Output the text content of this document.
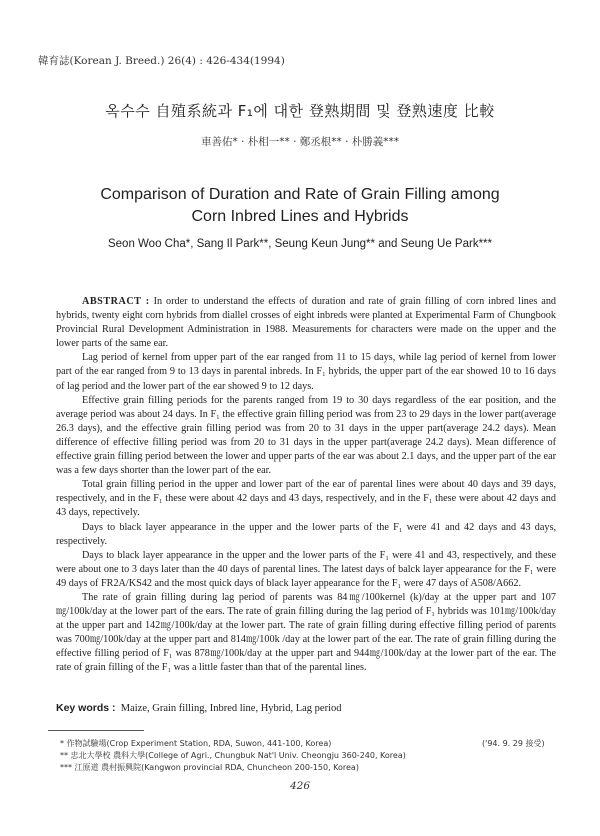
韓育誌(Korean J. Breed.) 26(4) : 426-434(1994)
옥수수 自殖系統과 F₁에 대한 登熟期間 및 登熟速度 比較
車善佑* · 朴相一** · 鄭丞根** · 朴勝義***
Comparison of Duration and Rate of Grain Filling among
Corn Inbred Lines and Hybrids
Seon Woo Cha*, Sang Il Park**, Seung Keun Jung** and Seung Ue Park***

ABSTRACT : In order to understand the effects of duration and rate of grain filling of corn inbred lines and hybrids, twenty eight corn hybrids from diallel crosses of eight inbreds were planted at Experimental Farm of Chungbook Provincial Rural Development Administration in 1988. Measurements for characters were made on the upper and the lower parts of the same ear.

Lag period of kernel from upper part of the ear ranged from 11 to 15 days, while lag period of kernel from lower part of the ear ranged from 9 to 13 days in parental inbreds. In F₁ hybrids, the upper part of the ear showed 10 to 16 days of lag period and the lower part of the ear showed 9 to 12 days.

Effective grain filling periods for the parents ranged from 19 to 30 days regardless of the ear position, and the average period was about 24 days. In F₁ the effective grain filling period was from 23 to 29 days in the lower part(average 26.3 days), and the effective grain filling period was from 20 to 31 days in the upper part(average 24.2 days). Mean difference of effective filling period was from 20 to 31 days in the upper part(average 24.2 days). Mean difference of effective grain filling period between the lower and upper parts of the ear was about 2.1 days, and the upper part of the ear was a few days shorter than the lower part of the ear.

Total grain filling period in the upper and lower part of the ear of parental lines were about 40 days and 39 days, respectively, and in the F₁ these were about 42 days and 43 days, respectively, and in the F₁ these were about 42 days and 43 days, repectively.

Days to black layer appearance in the upper and the lower parts of the F₁ were 41 and 42 days and 43 days, respectively.

Days to black layer appearance in the upper and the lower parts of the F₁ were 41 and 43, respectively, and these were about one to 3 days later than the 40 days of parental lines. The latest days of balck layer appearance for the F₁ were 49 days of FR2A/KS42 and the most quick days of black layer appearance for the F₁ were 47 days of A508/A662.

The rate of grain filling during lag period of parents was 84㎎/100kernel (k)/day at the upper part and 107㎎/100k/day at the lower part of the ears. The rate of grain filling during the lag period of F₁ hybrids was 101㎎/100k/day at the upper part and 142㎎/100k/day at the lower part. The rate of grain filling during effective filling period of parents was 700㎎/100k/day at the upper part and 814㎎/100k /day at the lower part of the ear. The rate of grain filling during the effective filling period of F₁ was 878㎎/100k/day at the upper part and 944㎎/100k/day at the lower part of the ear. The rate of grain filling of the F₁ was a little faster than that of the parental lines.

Key words : Maize, Grain filling, Inbred line, Hybrid, Lag period
* 作物試驗場(Crop Experiment Station, RDA, Suwon, 441-100, Korea)
** 忠北大學校 農科大學(College of Agri., Chungbuk Nat'l Univ. Cheongju 360-240, Korea)
*** 江原道 農村振興院(Kangwon provincial RDA, Chuncheon 200-150, Korea)
('94. 9. 29 接受)
426
